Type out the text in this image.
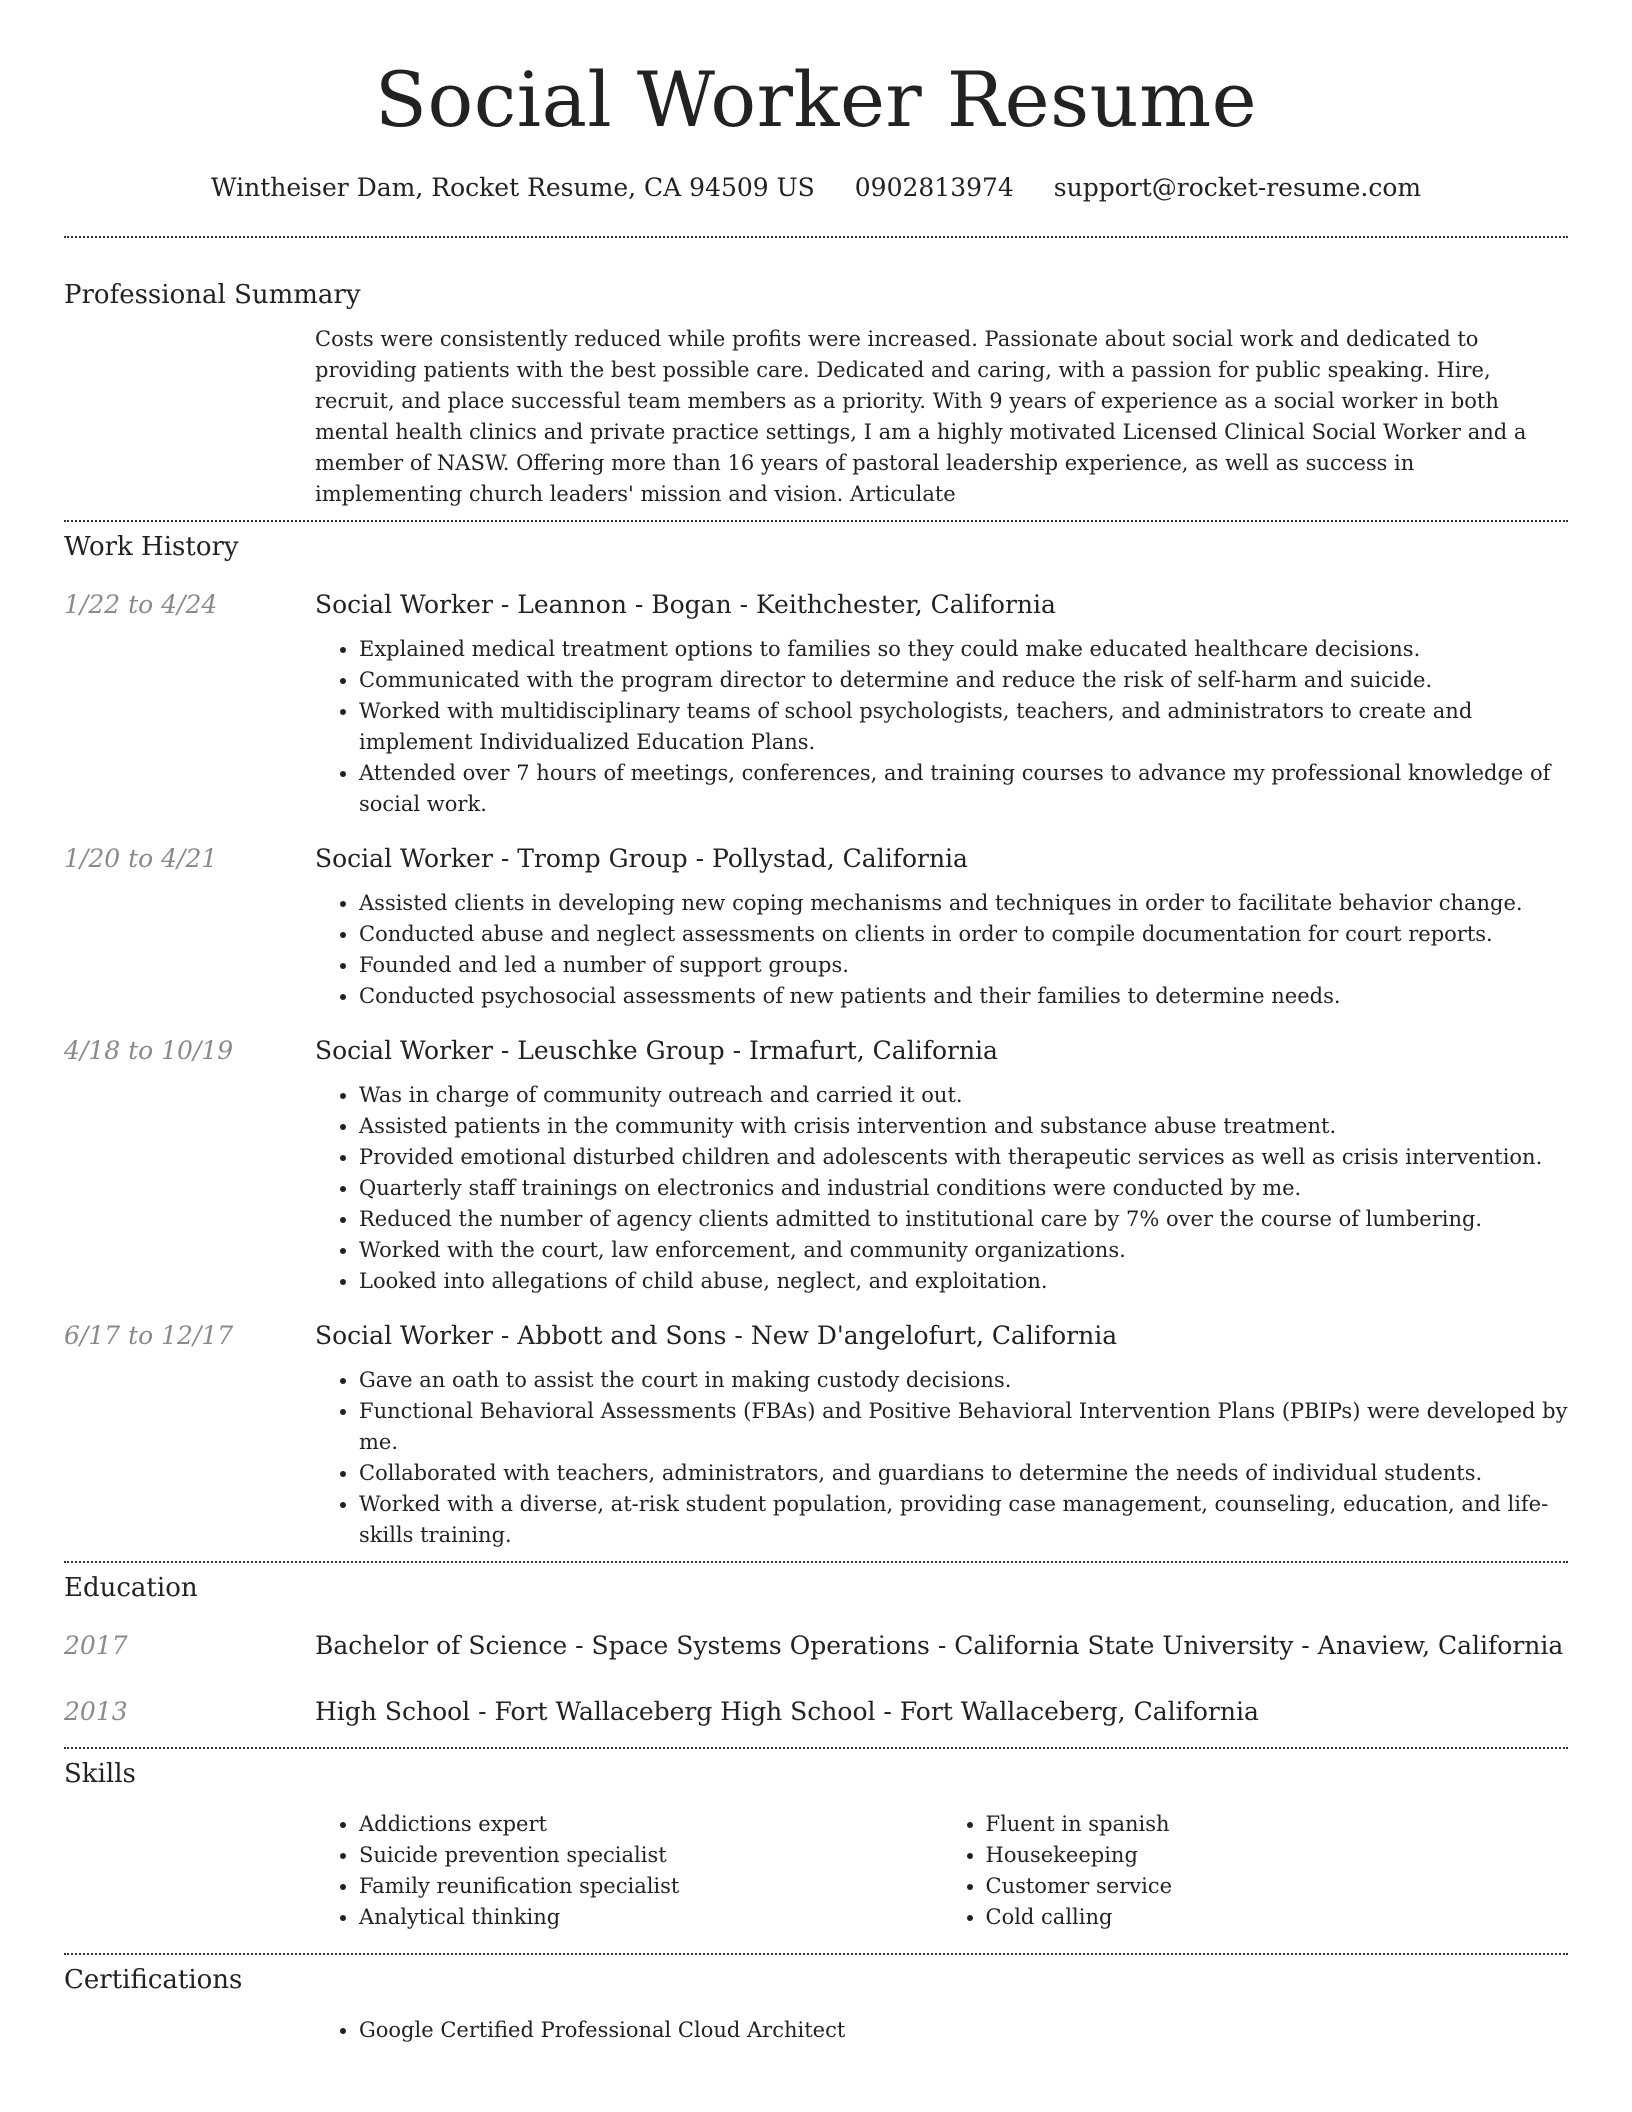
Social Worker Resume
Wintheiser Dam, Rocket Resume, CA 94509 US 0902813974 support@rocket-resume.com
Professional Summary

Costs were consistently reduced while profits were increased. Passionate about social work and dedicated to providing patients with the best possible care. Dedicated and caring, with a passion for public speaking. Hire, recruit, and place successful team members as a priority. With 9 years of experience as a social worker in both mental health clinics and private practice settings, I am a highly motivated Licensed Clinical Social Worker and a member of NASW. Offering more than 16 years of pastoral leadership experience, as well as success in implementing church leaders' mission and vision. Articulate

Work History
1/22 to 4/24	Social Worker - Leannon - Bogan - Keithchester, California

• Explained medical treatment options to families so they could make educated healthcare decisions.
• Communicated with the program director to determine and reduce the risk of self-harm and suicide.
• Worked with multidisciplinary teams of school psychologists, teachers, and administrators to create and implement Individualized Education Plans.
• Attended over 7 hours of meetings, conferences, and training courses to advance my professional knowledge of social work.
1/20 to 4/21	Social Worker - Tromp Group - Pollystad, California

• Assisted clients in developing new coping mechanisms and techniques in order to facilitate behavior change.
• Conducted abuse and neglect assessments on clients in order to compile documentation for court reports.
• Founded and led a number of support groups.
• Conducted psychosocial assessments of new patients and their families to determine needs.
4/18 to 10/19	Social Worker - Leuschke Group - Irmafurt, California

• Was in charge of community outreach and carried it out.
• Assisted patients in the community with crisis intervention and substance abuse treatment.
• Provided emotional disturbed children and adolescents with therapeutic services as well as crisis intervention.
• Quarterly staff trainings on electronics and industrial conditions were conducted by me.
• Reduced the number of agency clients admitted to institutional care by 7% over the course of lumbering.
• Worked with the court, law enforcement, and community organizations.
• Looked into allegations of child abuse, neglect, and exploitation.
6/17 to 12/17	Social Worker - Abbott and Sons - New D'angelofurt, California

• Gave an oath to assist the court in making custody decisions.
• Functional Behavioral Assessments (FBAs) and Positive Behavioral Intervention Plans (PBIPs) were developed by me.
• Collaborated with teachers, administrators, and guardians to determine the needs of individual students.
• Worked with a diverse, at-risk student population, providing case management, counseling, education, and life-skills training.
Education
2017	Bachelor of Science - Space Systems Operations - California State University - Anaview, California

2013	High School - Fort Wallaceberg High School - Fort Wallaceberg, California

Skills
• Addictions expert
• Suicide prevention specialist
• Family reunification specialist
• Analytical thinking
• Fluent in spanish
• Housekeeping
• Customer service
• Cold calling
Certifications
• Google Certified Professional Cloud Architect
